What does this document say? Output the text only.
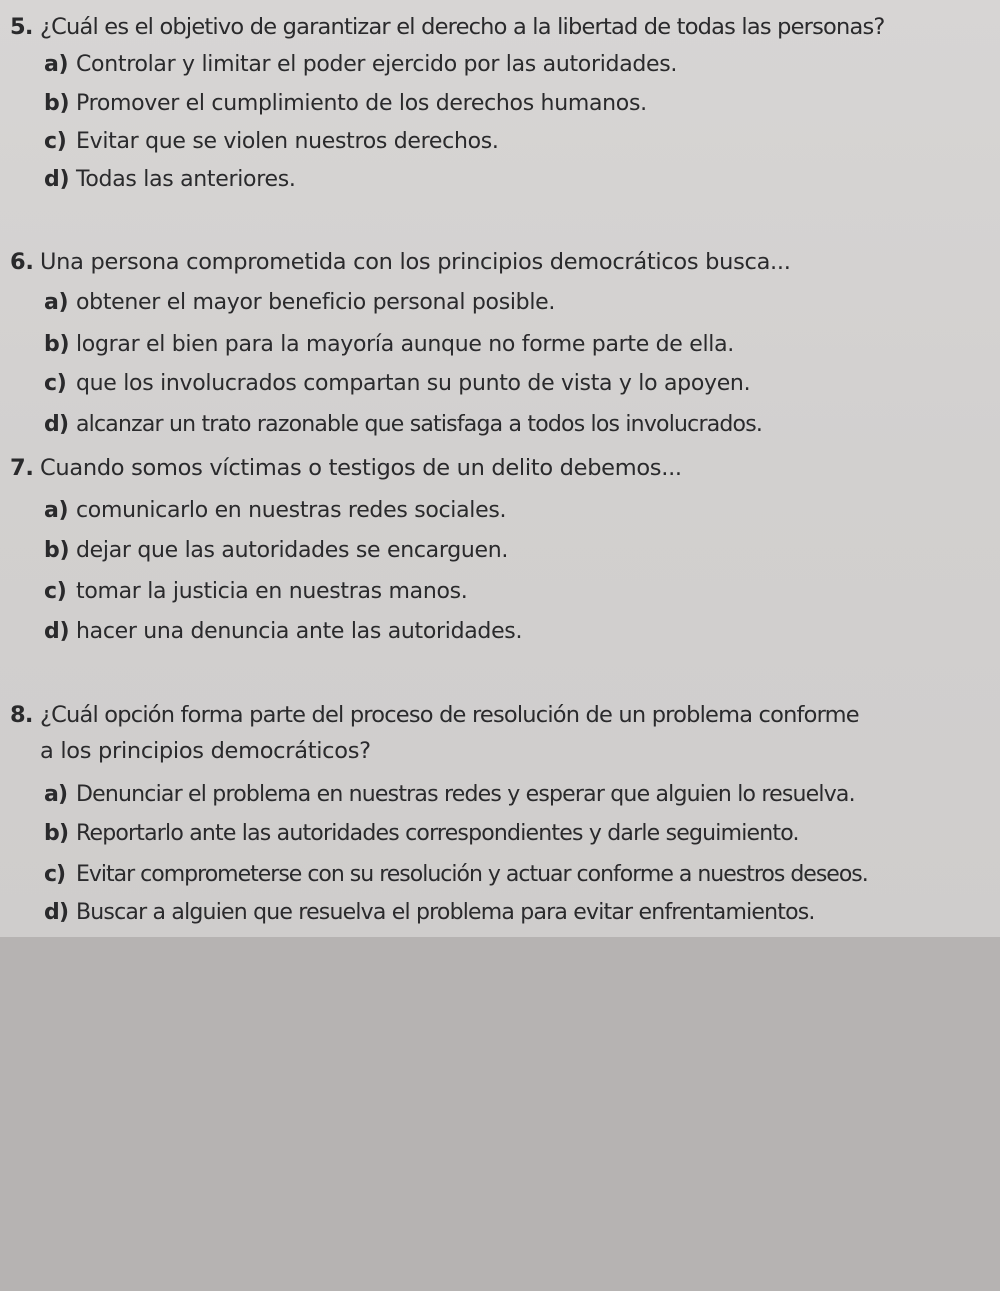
5. ¿Cuál es el objetivo de garantizar el derecho a la libertad de todas las personas?
a) Controlar y limitar el poder ejercido por las autoridades.
b) Promover el cumplimiento de los derechos humanos.
c) Evitar que se violen nuestros derechos.
d) Todas las anteriores.
6. Una persona comprometida con los principios democráticos busca...
a) obtener el mayor beneficio personal posible.
b) lograr el bien para la mayoría aunque no forme parte de ella.
c) que los involucrados compartan su punto de vista y lo apoyen.
d) alcanzar un trato razonable que satisfaga a todos los involucrados.
7. Cuando somos víctimas o testigos de un delito debemos...
a) comunicarlo en nuestras redes sociales.
b) dejar que las autoridades se encarguen.
c) tomar la justicia en nuestras manos.
d) hacer una denuncia ante las autoridades.
8. ¿Cuál opción forma parte del proceso de resolución de un problema conforme
a los principios democráticos?
a) Denunciar el problema en nuestras redes y esperar que alguien lo resuelva.
b) Reportarlo ante las autoridades correspondientes y darle seguimiento.
c) Evitar comprometerse con su resolución y actuar conforme a nuestros deseos.
d) Buscar a alguien que resuelva el problema para evitar enfrentamientos.
